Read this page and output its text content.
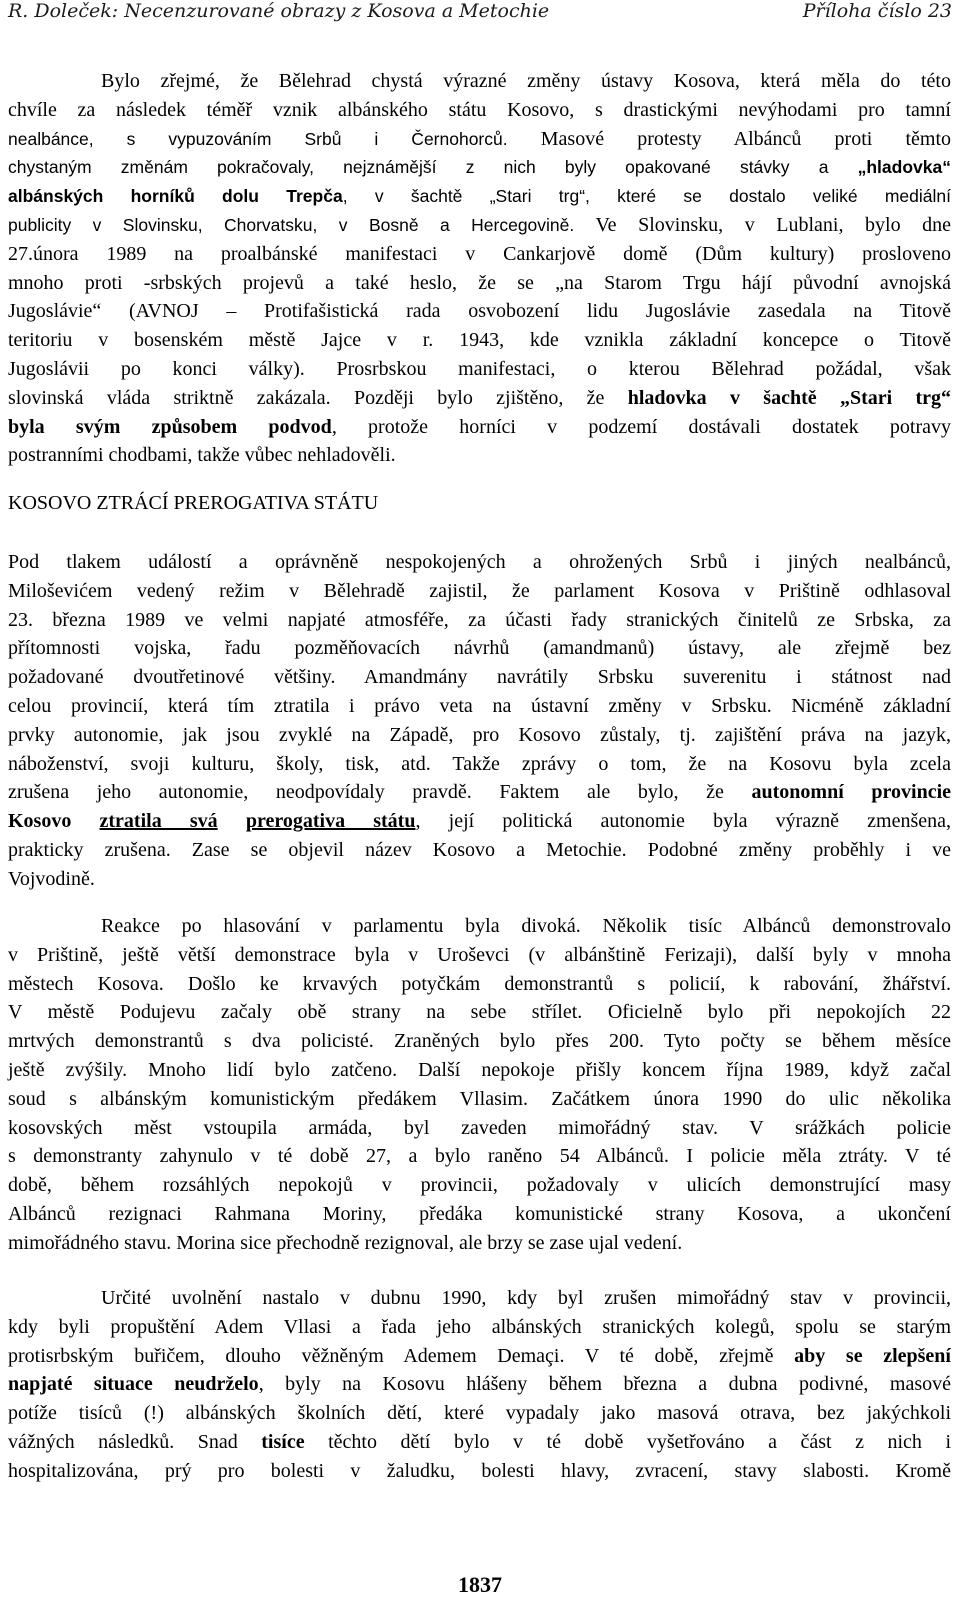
R. Doleček: Necenzurované obrazy z Kosova a Metochie	Příloha číslo 23
Bylo zřejmé, že Bělehrad chystá výrazné změny ústavy Kosova, která měla do této
chvíle za následek téměř vznik albánského státu Kosovo, s drastickými nevýhodami pro tamní
nealbánce, s vypuzováním Srbů i Černohorců. Masové protesty Albánců proti těmto
chystaným změnám pokračovaly, nejznámější z nich byly opakované stávky a „hladovka“
albánských horníků dolu Trepča, v šachtě „Stari trg“, které se dostalo veliké mediální
publicity v Slovinsku, Chorvatsku, v Bosně a Hercegovině. Ve Slovinsku, v Lublani, bylo dne
27.února 1989 na proalbánské manifestaci v Cankarjově domě (Dům kultury) prosloveno
mnoho proti -srbských projevů a také heslo, že se „na Starom Trgu hájí původní avnojská
Jugoslávie“ (AVNOJ – Protifašistická rada osvobození lidu Jugoslávie zasedala na Titově
teritoriu v bosenském městě Jajce v r. 1943, kde vznikla základní koncepce o Titově
Jugoslávii po konci války). Prosrbskou manifestaci, o kterou Bělehrad požádal, však
slovinská vláda striktně zakázala. Později bylo zjištěno, že hladovka v šachtě „Stari trg“
byla svým způsobem podvod, protože horníci v podzemí dostávali dostatek potravy
postranními chodbami, takže vůbec nehladověli.
KOSOVO ZTRÁCÍ PREROGATIVA STÁTU
Pod tlakem událostí a oprávněně nespokojených a ohrožených Srbů i jiných nealbánců,
Miloševićem vedený režim v Bělehradě zajistil, že parlament Kosova v Prištině odhlasoval
23. března 1989 ve velmi napjaté atmosféře, za účasti řady stranických činitelů ze Srbska, za
přítomnosti vojska, řadu pozměňovacích návrhů (amandmanů) ústavy, ale zřejmě bez
požadované dvoutřetinové většiny. Amandmány navrátily Srbsku suverenitu i státnost nad
celou provincií, která tím ztratila i právo veta na ústavní změny v Srbsku. Nicméně základní
prvky autonomie, jak jsou zvyklé na Západě, pro Kosovo zůstaly, tj. zajištění práva na jazyk,
náboženství, svoji kulturu, školy, tisk, atd. Takže zprávy o tom, že na Kosovu byla zcela
zrušena jeho autonomie, neodpovídaly pravdě. Faktem ale bylo, že autonomní provincie
Kosovo ztratila svá prerogativa státu, její politická autonomie byla výrazně zmenšena,
prakticky zrušena. Zase se objevil název Kosovo a Metochie. Podobné změny proběhly i ve
Vojvodině.
Reakce po hlasování v parlamentu byla divoká. Několik tisíc Albánců demonstrovalo
v Prištině, ještě větší demonstrace byla v Uroševci (v albánštině Ferizaji), další byly v mnoha
městech Kosova. Došlo ke krvavých potyčkám demonstrantů s policií, k rabování, žhářství.
V městě Podujevu začaly obě strany na sebe střílet. Oficielně bylo při nepokojích 22
mrtvých demonstrantů s dva policisté. Zraněných bylo přes 200. Tyto počty se během měsíce
ještě zvýšily. Mnoho lidí bylo zatčeno. Další nepokoje přišly koncem října 1989, když začal
soud s albánským komunistickým předákem Vllasim. Začátkem února 1990 do ulic několika
kosovských měst vstoupila armáda, byl zaveden mimořádný stav. V srážkách policie
s demonstranty zahynulo v té době 27, a bylo raněno 54 Albánců. I policie měla ztráty. V té
době, během rozsáhlých nepokojů v provincii, požadovaly v ulicích demonstrující masy
Albánců rezignaci Rahmana Moriny, předáka komunistické strany Kosova, a ukončení
mimořádného stavu. Morina sice přechodně rezignoval, ale brzy se zase ujal vedení.
Určité uvolnění nastalo v dubnu 1990, kdy byl zrušen mimořádný stav v provincii,
kdy byli propuštění Adem Vllasi a řada jeho albánských stranických kolegů, spolu se starým
protisrbským buřičem, dlouho věžněným Ademem Demaçi. V té době, zřejmě aby se zlepšení
napjaté situace neudrželo, byly na Kosovu hlášeny během března a dubna podivné, masové
potíže tisíců (!) albánských školních dětí, které vypadaly jako masová otrava, bez jakýchkoli
vážných následků. Snad tisíce těchto dětí bylo v té době vyšetřováno a část z nich i
hospitalizována, prý pro bolesti v žaludku, bolesti hlavy, zvracení, stavy slabosti. Kromě
1837
